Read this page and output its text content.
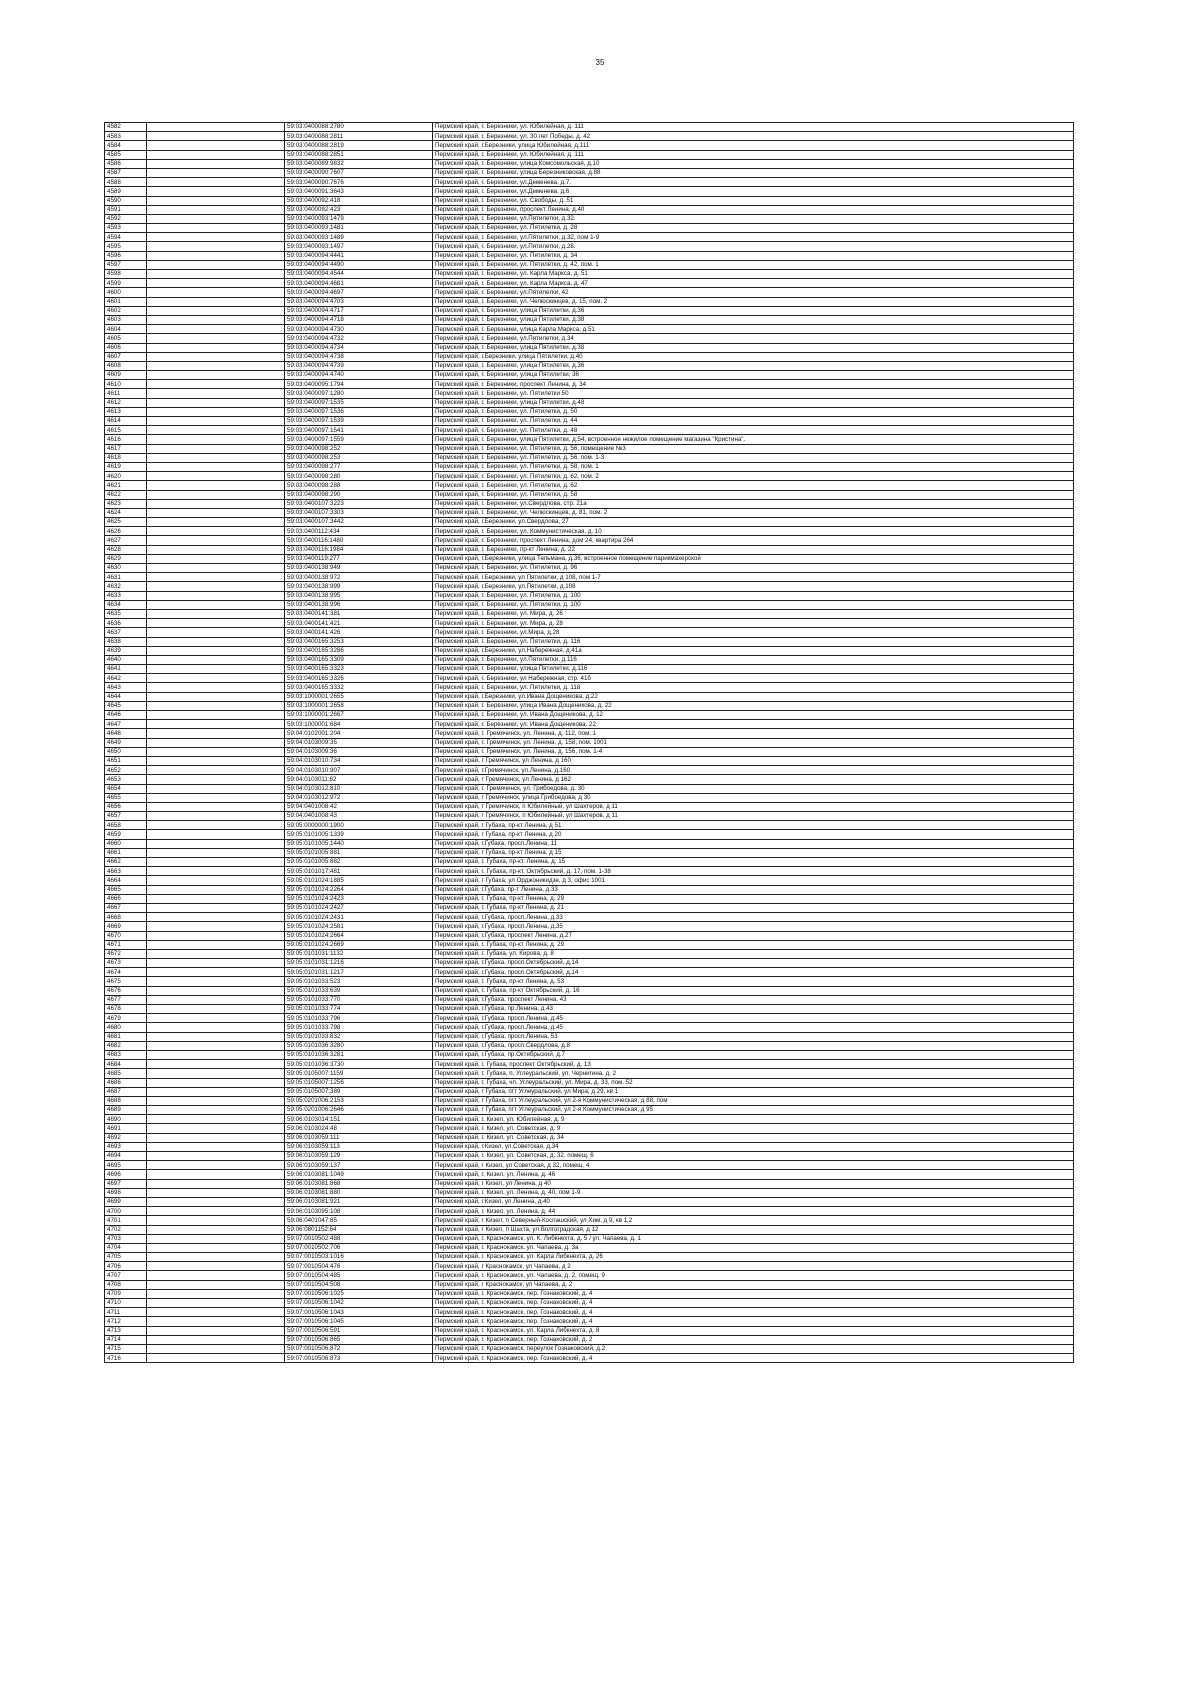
35
4582		59:03:0400088:2780	Пермский край, г. Березники, ул. Юбилейная, д. 111
4583		59:03:0400088:2811	Пермский край, г. Березники, ул. 30 лет Победы, д. 42
4584		59:03:0400088:2819	Пермский край, г.Березники, улица Юбилейная, д.111
4585		59:03:0400088:2851	Пермский край, г. Березники, ул. Юбилейная, д. 111
4586		59:03:0400089:9832	Пермский край, г. Березники, улица Комсомольская, д.10
4587		59:03:0400090:7607	Пермский край, г. Березники, улица Березниковская, д.88
4588		59:03:0400090:7676	Пермский край, г. Березники, ул.Деменева, д.7.
4589		59:03:0400091:3643	Пермский край, г. Березники, ул.Деменева, д.6
4590		59:03:0400092:418	Пермский край, г. Березники, ул. Свободы, д. 51
4591		59:03:0400092:423	Пермский край, г. Березники, проспект Ленина, д.40
4592		59:03:0400093:1479	Пермский край, г. Березники, ул.Пятилетки, д.32.
4593		59:03:0400093:1481	Пермский край, г. Березники, ул. Пятилетки, д. 28
4594		59:03:0400093:1489	Пермский край, г. Березники, ул.Пятилетки, д.32, пом 1-9
4595		59:03:0400093:1497	Пермский край, г. Березники, ул.Пятилетки, д.28.
4596		59:03:0400094:4441	Пермский край, г. Березники, ул. Пятилетки, д. 34
4597		59:03:0400094:4490	Пермский край, г. Березники, ул. Пятилетки, д. 42, пом. 1
4598		59:03:0400094:4544	Пермский край, г. Березники, ул. Карла Маркса, д. 51
4599		59:03:0400094:4681	Пермский край, г. Березники, ул. Карла Маркса, д. 47
4600		59:03:0400094:4697	Пермский край, г. Березники, ул.Пятилетки, 42
4601		59:03:0400094:4703	Пермский край, г. Березники, ул. Челюскинцев, д. 15, пом. 2
4602		59:03:0400094:4717	Пермский край, г. Березники, улица Пятилетки, д.36
4603		59:03:0400094:4718	Пермский край, г. Березники, улица Пятилетки, д.38
4604		59:03:0400094:4730	Пермский край, г. Березники, улица Карла Маркса, д.51
4605		59:03:0400094:4732	Пермский край, г. Березники, ул.Пятилетки, д.34
4606		59:03:0400094:4734	Пермский край, г. Березники, улица Пятилетки, д.38
4607		59:03:0400094:4738	Пермский край, г.Березники, улица Пятилетки, д.40
4608		59:03:0400094:4739	Пермский край, г. Березники, улица Пятилетки, д.36
4609		59:03:0400094:4740	Пермский край, г. Березники, улица Пятилетки, 36
4610		59:03:0400095:1794	Пермский край, г. Березники, проспект Ленина, д. 34
4611		59:03:0400097:1280	Пермский край, г. Березники, ул. Пятилетки 50
4612		59:03:0400097:1535	Пермский край, г. Березники, улица Пятилетки, д.48
4613		59:03:0400097:1536	Пермский край, г. Березники, ул. Пятилетки, д. 50
4614		59:03:0400097:1539	Пермский край, г. Березники, ул. Пятилетки, д. 44
4615		59:03:0400097:1541	Пермский край, г. Березники, ул. Пятилетки, д. 48
4616		59:03:0400097:1559	Пермский край, г. Березники, улица Пятилетки, д.54, встроенное нежилое помещение магазина "Кристина".
4617		59:03:0400098:252	Пермский край, г. Березники, ул. Пятилетки, д. 56, помещение №3
4618		59:03:0400098:253	Пермский край, г. Березники, ул. Пятилетки, д. 56, пом. 1-3
4619		59:03:0400098:277	Пермский край, г. Березники, ул. Пятилетки, д. 58, пом. 1
4620		59:03:0400098:280	Пермский край, г. Березники, ул. Пятилетки, д. 62, пом. 2
4621		59:03:0400098:288	Пермский край, г. Березники, ул. Пятилетки, д. 62
4622		59:03:0400098:290	Пермский край, г. Березники, ул. Пятилетки, д. 58
4623		59:03:0400107:3223	Пермский край, г. Березники, ул.Свердлова, стр. 21а
4624		59:03:0400107:3303	Пермский край, г. Березники, ул. Челюскинцев, д. 81, пом. 2
4625		59:03:0400107:3442	Пермский край, г.Березники, ул.Свердлова, 27
4626		59:03:0400112:434	Пермский край, г. Березники, ул. Коммунистическая, д. 10
4627		59:03:0400116:1480	Пермский край, г. Березники, проспект Ленина, дом 24, квартира 264
4628		59:03:0400116:1984	Пермский край, г. Березники, пр-кт Ленина, д. 22
4629		59:03:0400119:277	Пермский край, г.Березники, улица Тельмана, д.36, встроенное помещение парикмахерской
4630		59:03:0400138:949	Пермский край, г. Березники, ул. Пятилетки, д. 96
4631		59:03:0400138:972	Пермский край, г.Березники, ул Пятилетки, д 108, пом 1-7
4632		59:03:0400138:999	Пермский край, г.Березники, ул.Пятилетки, д.108
4633		59:03:0400138:995	Пермский край, г. Березники, ул. Пятилетки, д. 100
4634		59:03:0400138:996	Пермский край, г. Березники, ул. Пятилетки, д. 100
4635		59:03:0400141:381	Пермский край, г. Березники, ул. Мира, д. 26
4636		59:03:0400141:421	Пермский край, г. Березники, ул. Мира, д. 28
4637		59:03:0400141:426	Пермский край, г. Березники, ул.Мира, д.28
4638		59:03:0400165:3253	Пермский край, г. Березники, ул. Пятилетки, д. 116
4639		59:03:0400165:3286	Пермский край, г.Березники, ул.Набережная, д.41а
4640		59:03:0400165:3309	Пермский край, г. Березники, ул.Пятилетки, д.116
4641		59:03:0400165:3323	Пермский край, г. Березники, улица Пятилетки, д.116
4642		59:03:0400165:3326	Пермский край, г. Березники, ул Набережная, стр. 41б
4643		59:03:0400165:3332	Пермский край, г. Березники, ул. Пятилетки, д. 118
4644		59:03:1000001:2655	Пермский край, г.Березники, ул.Ивана Дощеникова, д.22
4645		59:03:1000001:2658	Пермский край, г. Березники, улица Ивана Дощеникова, д. 22
4646		59:03:1000001:2667	Пермский край, г. Березники, ул. Ивана Дощеникова, д. 12
4647		59:03:1000001:684	Пермский край, г. Березники, ул. Ивана Дощеникова, 22
4648		59:04:0102001:204	Пермский край, г. Гремячинск, ул. Ленина, д. 112, пом. 1
4649		59:04:0103009:35	Пермский край, г. Гремячинск, ул. Ленина, д. 158, пом. 1001
4650		59:04:0103009:36	Пермский край, г. Гремячинск, ул. Ленина, д. 156, пом. 1-4
4651		59:04:0103010:734	Пермский край, г Гремячинск, ул Ленина, д 160
4652		59:04:0103010:907	Пермский край, г.Гремячинск, ул.Ленина, д.160
4653		59:04:0103011:62	Пермский край, г Гремячинск, ул Ленина, д 162
4654		59:04:0103012:810	Пермский край, г. Гремячинск, ул. Грибоедова, д. 30
4655		59:04:0103012:972	Пермский край, г Гремячинск, улица Грибоедова, д 30
4656		59:04:0401008:42	Пермский край, г Гремячинск, п Юбилейный, ул Шахтеров, д 11
4657		59:04:0401008:43	Пермский край, г Гремячинск, п Юбилейный, ул Шахтеров, д 11
4658		59:05:0000000:1900	Пермский край, г Губаха, пр-кт Ленина, д 51
4659		59:05:0101005:1339	Пермский край, г Губаха, пр-кт Ленина, д 20
4660		59:05:0101005:1440	Пермский край, г.Губаха, просп.Ленина, 11
4661		59:05:0101005:881	Пермский край, г Губаха, пр-кт Ленина, д 15
4662		59:05:0101005:882	Пермский край, г. Губаха, пр-кт. Ленина, д. 15
4663		59:05:0101017:481	Пермский край, г. Губаха, пр-кт. Октябрьский, д. 17, пом. 1-38
4664		59:05:0101024:1885	Пермский край, г Губаха, ул Орджоникидзе, д 3, офис 1001
4665		59:05:0101024:2264	Пермский край, г.Губаха, пр-т Ленина, д.33
4666		59:05:0101024:2423	Пермский край, г. Губаха, пр-кт Ленина, д. 29
4667		59:05:0101024:2427	Пермский край, г. Губаха, пр-кт Ленина, д. 21
4668		59:05:0101024:2431	Пермский край, г.Губаха, просп.Ленина, д.33
4669		59:05:0101024:2581	Пермский край, г.Губаха, просп.Ленина, д.35
4670		59:05:0101024:2664	Пермский край, г.Губаха, проспект Ленина, д.27
4671		59:05:0101024:2669	Пермский край, г. Губаха, пр-кт Ленина, д. 29
4672		59:05:0101031:1132	Пермский край, г. Губаха, ул. Кирова, д. 8
4673		59:05:0101031:1216	Пермский край, г.Губаха, просп.Октябрьский, д.14
4674		59:05:0101031:1217	Пермский край, г.Губаха, просп.Октябрьский, д.14
4675		59:05:0101033:523	Пермский край, г. Губаха, пр-кт Ленина, д. 53
4676		59:05:0101033:639	Пермский край, г. Губаха, пр-кт Октябрьский, д. 16
4677		59:05:0101033:770	Пермский край, г.Губаха, проспект Ленина, 43
4678		59:05:0101033:774	Пермский край, г.Губаха, пр.Ленина, д.43
4679		59:05:0101033:796	Пермский край, г.Губаха, просп.Ленина, д.45
4680		59:05:0101033:798	Пермский край, г.Губаха, просп.Ленина, д.45
4681		59:05:0101033:832	Пермский край, г.Губаха, просп.Ленина, 53
4682		59:05:0101036:3280	Пермский край, г.Губаха, просп.Свердлова, д.8
4683		59:05:0101036:3281	Пермский край, г.Губаха, пр.Октябрьский, д.7
4684		59:05:0101036:3730	Пермский край, г. Губаха, проспект Октябрьский, д. 13
4685		59:05:0105007:1159	Пермский край, г. Губаха, п. Углеуральский, ул. Чернигина, д. 2
4686		59:05:0105007:1256	Пермский край, г. Губаха, чп. Углеуральский, ул. Мира, д. 33, пом. 52
4687		59:05:0105007:389	Пермский край, г Губаха, пгт Углеуральский, ул Мира, д 29, кв 1
4688		59:05:0201006:2153	Пермский край, г Губаха, пгт Углеуральский, ул 2-я Коммунистическая, д 88, пом
4689		59:05:0201006:2646	Пермский край, г Губаха, пгт Углеуральский, ул 2-я Коммунистическая, д 95
4690		59:06:0103014:151	Пермский край, г. Кизел, ул. Юбилейная, д. 9
4691		59:06:0103024:48	Пермский край, г. Кизел, ул. Советская, д. 9
4692		59:06:0103059:111	Пермский край, г. Кизел, ул. Советская, д. 34
4693		59:06:0103059:113	Пермский край, г.Кизел, ул.Советская, д.34
4694		59:06:0103059:129	Пермский край, г. Кизел, ул. Советская, д. 32, помещ. 6
4695		59:06:0103059:137	Пермский край, г Кизел, ул Советская, д 32, помещ. 4
4696		59:06:0103081:1049	Пермский край, г. Кизел, ул. Ленина, д. 46
4697		59:06:0103081:868	Пермский край, г Кизел, ул Ленина, д 40
4698		59:06:0103081:880	Пермский край, г. Кизел, ул. Ленина, д. 40, пом 1-9
4699		59:06:0103081:921	Пермский край, г.Кизел, ул.Ленина, д.40
4700		59:06:0103095:108	Пермский край, г. Кизел, ул. Ленина, д. 44
4701		59:06:0401047:85	Пермский край, г Кизел, п Северный-Коспашский, ул Хим, д 9, кв 1,2
4702		59:06:0801152:64	Пермский край, г Кизел, п Шахта, ул Волгоградская, д 12
4703		59:07:0010502:488	Пермский край, г. Краснокамск, ул. К. Либкнехта, д. 5 / ул. Чапаева, д. 1
4704		59:07:0010502:706	Пермский край, г. Краснокамск, ул. Чапаева, д. 3а
4705		59:07:0010503:1016	Пермский край, г. Краснокамск, ул. Карла Либкнехта, д. 26
4706		59:07:0010504:476	Пермский край, г Краснокамск, ул Чапаева, д 2
4707		59:07:0010504:485	Пермский край, г. Краснокамск, ул. Чапаева, д. 2, помещ. 9
4708		59:07:0010504:508	Пермский край, г Краснокамск, ул Чапаева, д. 2
4709		59:07:0010506:1025	Пермский край, г. Краснокамск, пер. Гознаковский, д. 4
4710		59:07:0010506:1042	Пермский край, г. Краснокамск, пер. Гознаковский, д. 4
4711		59:07:0010506:1043	Пермский край, г. Краснокамск, пер. Гознаковский, д. 4
4712		59:07:0010506:1045	Пермский край, г. Краснокамск, пер. Гознаковский, д. 4
4713		59:07:0010506:591	Пермский край, г. Краснокамск, ул. Карла Либкнехта, д. 8
4714		59:07:0010506:865	Пермский край, г. Краснокамск, пер. Гознаковский, д. 2
4715		59:07:0010506:872	Пермский край, г. Краснокамск, переулок Гознаковский, д.2
4716		59:07:0010506:873	Пермский край, г. Краснокамск, пер. Гознаковский, д. 4
